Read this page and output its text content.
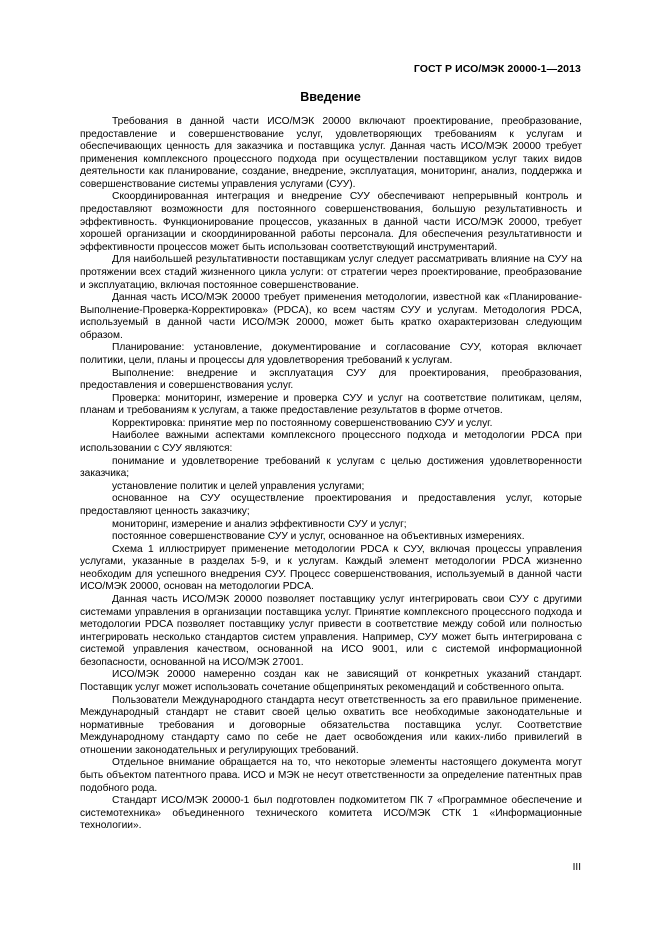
ГОСТ Р ИСО/МЭК 20000-1—2013
Введение

Требования в данной части ИСО/МЭК 20000 включают проектирование, преобразование, предоставление и совершенствование услуг, удовлетворяющих требованиям к услугам и обеспечивающих ценность для заказчика и поставщика услуг. Данная часть ИСО/МЭК 20000 требует применения комплексного процессного подхода при осуществлении поставщиком услуг таких видов деятельности как планирование, создание, внедрение, эксплуатация, мониторинг, анализ, поддержка и совершенствование системы управления услугами (СУУ).

Скоординированная интеграция и внедрение СУУ обеспечивают непрерывный контроль и предоставляют возможности для постоянного совершенствования, большую результативность и эффективность. Функционирование процессов, указанных в данной части ИСО/МЭК 20000, требует хорошей организации и скоординированной работы персонала. Для обеспечения результативности и эффективности процессов может быть использован соответствующий инструментарий.

Для наибольшей результативности поставщикам услуг следует рассматривать влияние на СУУ на протяжении всех стадий жизненного цикла услуги: от стратегии через проектирование, преобразование и эксплуатацию, включая постоянное совершенствование.

Данная часть ИСО/МЭК 20000 требует применения методологии, известной как «Планирование-Выполнение-Проверка-Корректировка» (PDCA), ко всем частям СУУ и услугам. Методология PDCA, используемый в данной части ИСО/МЭК 20000, может быть кратко охарактеризован следующим образом.

Планирование: установление, документирование и согласование СУУ, которая включает политики, цели, планы и процессы для удовлетворения требований к услугам.

Выполнение: внедрение и эксплуатация СУУ для проектирования, преобразования, предоставления и совершенствования услуг.

Проверка: мониторинг, измерение и проверка СУУ и услуг на соответствие политикам, целям, планам и требованиям к услугам, а также предоставление результатов в форме отчетов.

Корректировка: принятие мер по постоянному совершенствованию СУУ и услуг.

Наиболее важными аспектами комплексного процессного подхода и методологии PDCA при использовании с СУУ являются:

понимание и удовлетворение требований к услугам с целью достижения удовлетворенности заказчика;

установление политик и целей управления услугами;

основанное на СУУ осуществление проектирования и предоставления услуг, которые предоставляют ценность заказчику;

мониторинг, измерение и анализ эффективности СУУ и услуг;

постоянное совершенствование СУУ и услуг, основанное на объективных измерениях.

Схема 1 иллюстрирует применение методологии PDCA к СУУ, включая процессы управления услугами, указанные в разделах 5-9, и к услугам. Каждый элемент методологии PDCA жизненно необходим для успешного внедрения СУУ. Процесс совершенствования, используемый в данной части ИСО/МЭК 20000, основан на методологии PDCA.

Данная часть ИСО/МЭК 20000 позволяет поставщику услуг интегрировать свои СУУ с другими системами управления в организации поставщика услуг. Принятие комплексного процессного подхода и методологии PDCA позволяет поставщику услуг привести в соответствие между собой или полностью интегрировать несколько стандартов систем управления. Например, СУУ может быть интегрирована с системой управления качеством, основанной на ИСО 9001, или с системой информационной безопасности, основанной на ИСО/МЭК 27001.

ИСО/МЭК 20000 намеренно создан как не зависящий от конкретных указаний стандарт. Поставщик услуг может использовать сочетание общепринятых рекомендаций и собственного опыта.

Пользователи Международного стандарта несут ответственность за его правильное применение. Международный стандарт не ставит своей целью охватить все необходимые законодательные и нормативные требования и договорные обязательства поставщика услуг. Соответствие Международному стандарту само по себе не дает освобождения или каких-либо привилегий в отношении законодательных и регулирующих требований.

Отдельное внимание обращается на то, что некоторые элементы настоящего документа могут быть объектом патентного права. ИСО и МЭК не несут ответственности за определение патентных прав подобного рода.

Стандарт ИСО/МЭК 20000-1 был подготовлен подкомитетом ПК 7 «Программное обеспечение и системотехника» объединенного технического комитета ИСО/МЭК СТК 1 «Информационные технологии».

III
